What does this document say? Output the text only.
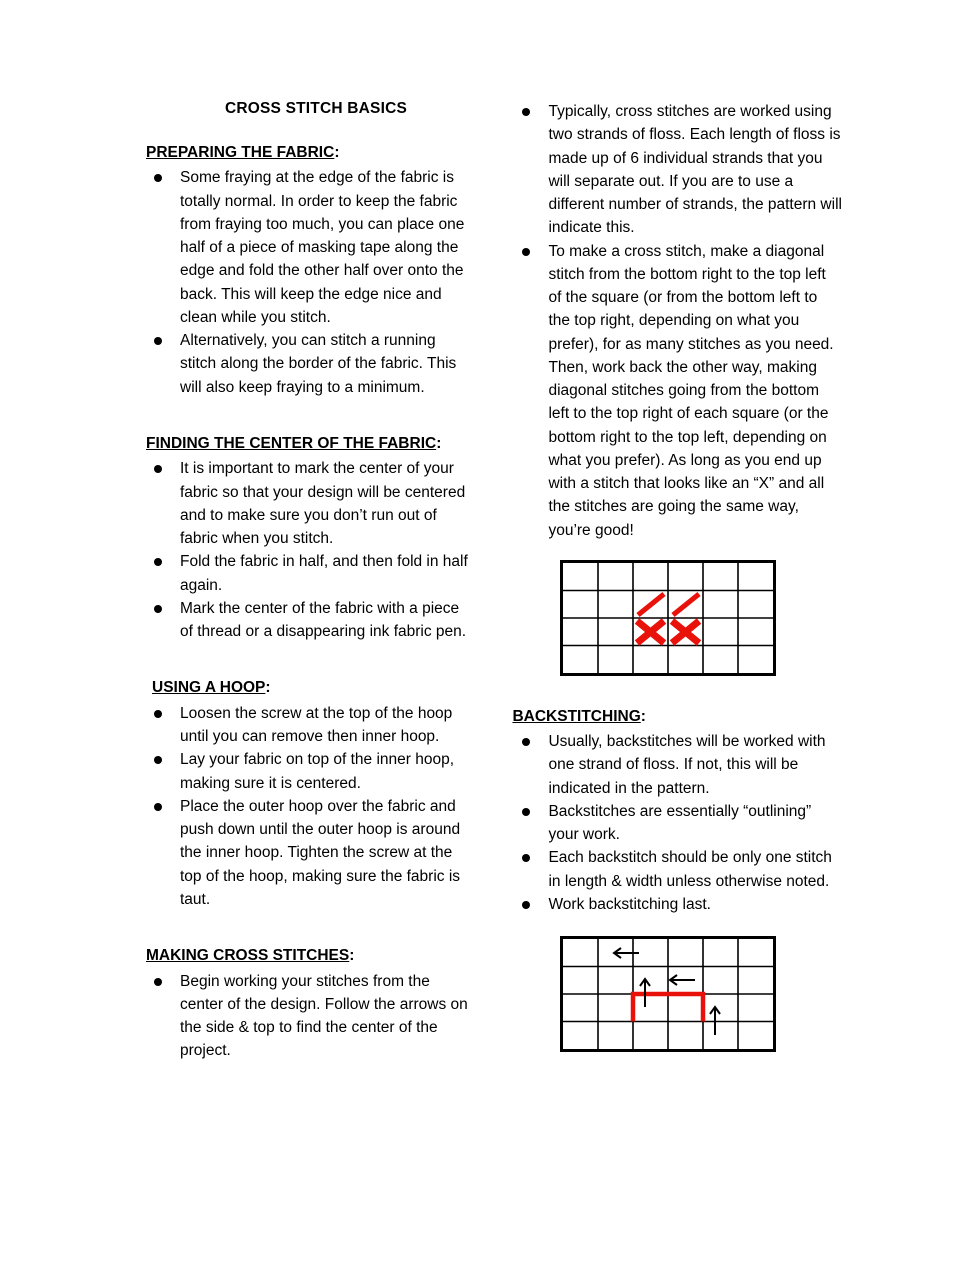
CROSS STITCH BASICS
PREPARING THE FABRIC:
Some fraying at the edge of the fabric is totally normal. In order to keep the fabric from fraying too much, you can place one half of a piece of masking tape along the edge and fold the other half over onto the back. This will keep the edge nice and clean while you stitch.
Alternatively, you can stitch a running stitch along the border of the fabric. This will also keep fraying to a minimum.
FINDING THE CENTER OF THE FABRIC:
It is important to mark the center of your fabric so that your design will be centered and to make sure you don’t run out of fabric when you stitch.
Fold the fabric in half, and then fold in half again.
Mark the center of the fabric with a piece of thread or a disappearing ink fabric pen.
USING A HOOP:
Loosen the screw at the top of the hoop until you can remove then inner hoop.
Lay your fabric on top of the inner hoop, making sure it is centered.
Place the outer hoop over the fabric and push down until the outer hoop is around the inner hoop. Tighten the screw at the top of the hoop, making sure the fabric is taut.
MAKING CROSS STITCHES:
Begin working your stitches from the center of the design. Follow the arrows on the side & top to find the center of the project.

Typically, cross stitches are worked using two strands of floss. Each length of floss is made up of 6 individual strands that you will separate out. If you are to use a different number of strands, the pattern will indicate this.
To make a cross stitch, make a diagonal stitch from the bottom right to the top left of the square (or from the bottom left to the top right, depending on what you prefer), for as many stitches as you need. Then, work back the other way, making diagonal stitches going from the bottom left to the top right of each square (or the bottom right to the top left, depending on what you prefer). As long as you end up with a stitch that looks like an “X” and all the stitches are going the same way, you’re good!
BACKSTITCHING:
Usually, backstitches will be worked with one strand of floss. If not, this will be indicated in the pattern.
Backstitches are essentially “outlining” your work.
Each backstitch should be only one stitch in length & width unless otherwise noted.
Work backstitching last.
